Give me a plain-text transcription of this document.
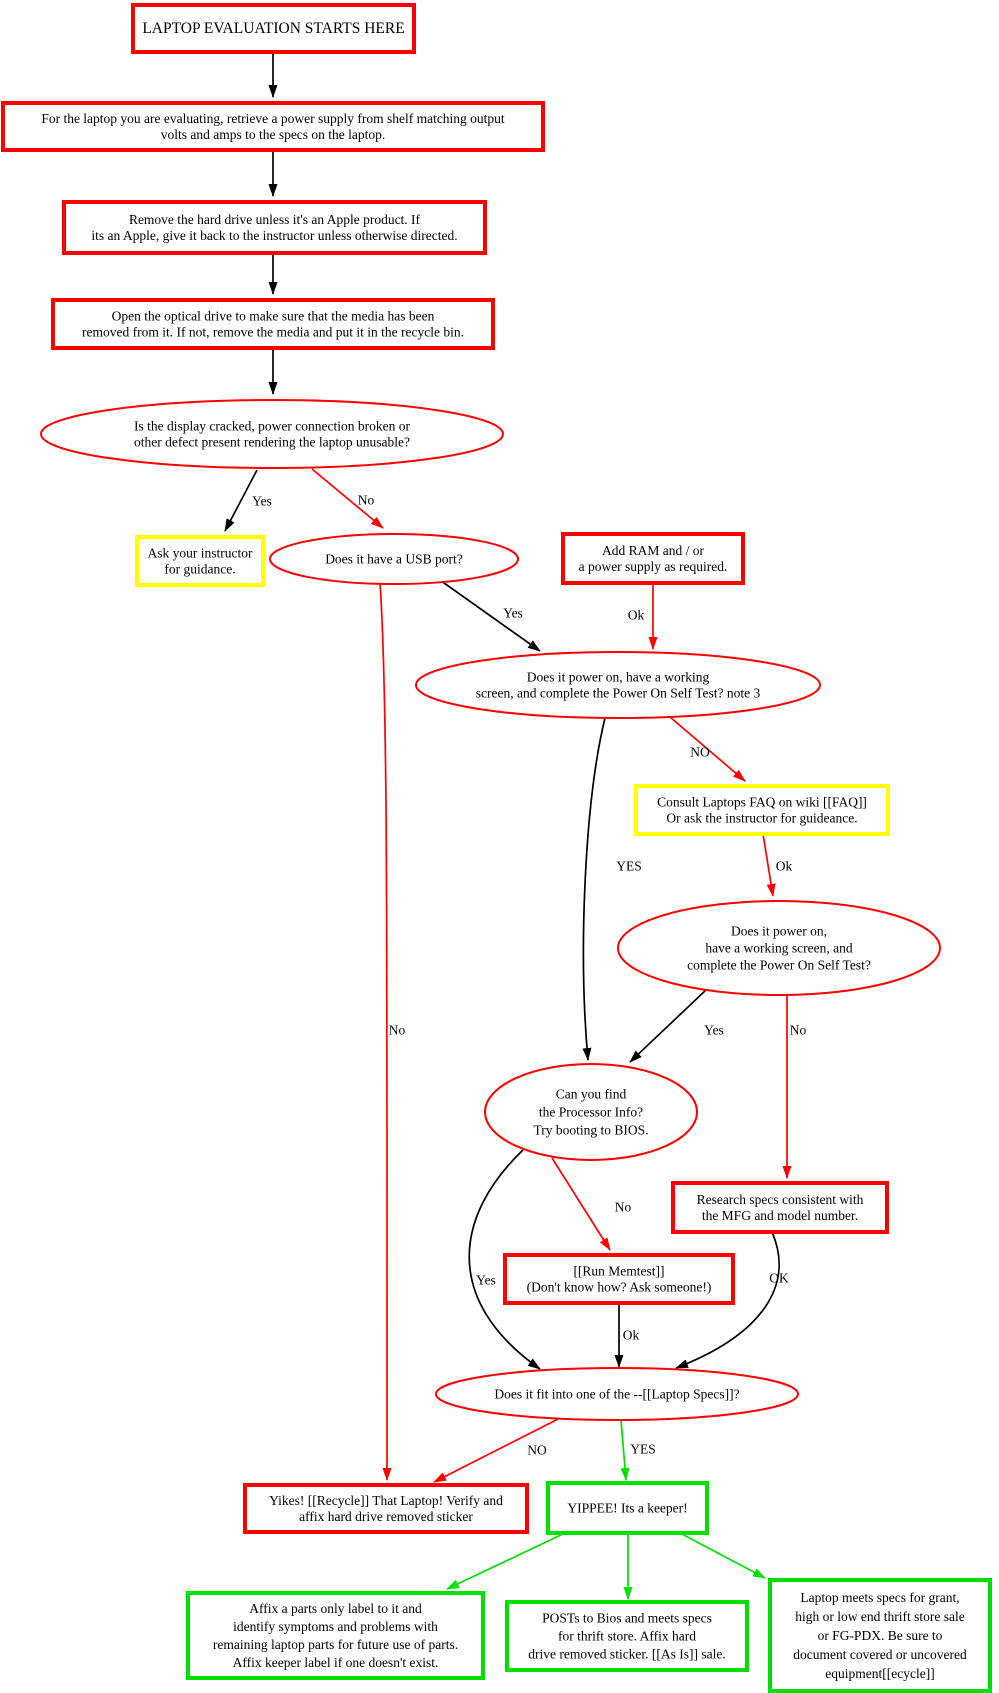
Yes	No
Yes	Ok
NO
YES	Ok
Yes	No
No
No
Yes	OK
Ok
NO	YES
LAPTOP EVALUATION STARTS HERE
For the laptop you are evaluating, retrieve a power supply from shelf matching output
volts and amps to the specs on the laptop.
Remove the hard drive unless it's an Apple product. If
its an Apple, give it back to the instructor unless otherwise directed.
Open the optical drive to make sure that the media has been
removed from it. If not, remove the media and put it in the recycle bin.
Is the display cracked, power connection broken or
other defect present rendering the laptop unusable?
Ask your instructor
for guidance.
Does it have a USB port?
Add RAM and / or
a power supply as required.
Does it power on, have a working
screen, and complete the Power On Self Test? note 3
Consult Laptops FAQ on wiki [[FAQ]]
Or ask the instructor for guideance.
Does it power on,
have a working screen, and
complete the Power On Self Test?
Can you find
the Processor Info?
Try booting to BIOS.
Research specs consistent with
the MFG and model number.
[[Run Memtest]]
(Don't know how? Ask someone!)
Does it fit into one of the --[[Laptop Specs]]?
Yikes! [[Recycle]] That Laptop! Verify and
affix hard drive removed sticker
YIPPEE! Its a keeper!
Affix a parts only label to it and
identify symptoms and problems with
remaining laptop parts for future use of parts.
Affix keeper label if one doesn't exist.
POSTs to Bios and meets specs
for thrift store. Affix hard
drive removed sticker. [[As Is]] sale.
Laptop meets specs for grant,
high or low end thrift store sale
or FG-PDX. Be sure to
document covered or uncovered
equipment[[ecycle]]
